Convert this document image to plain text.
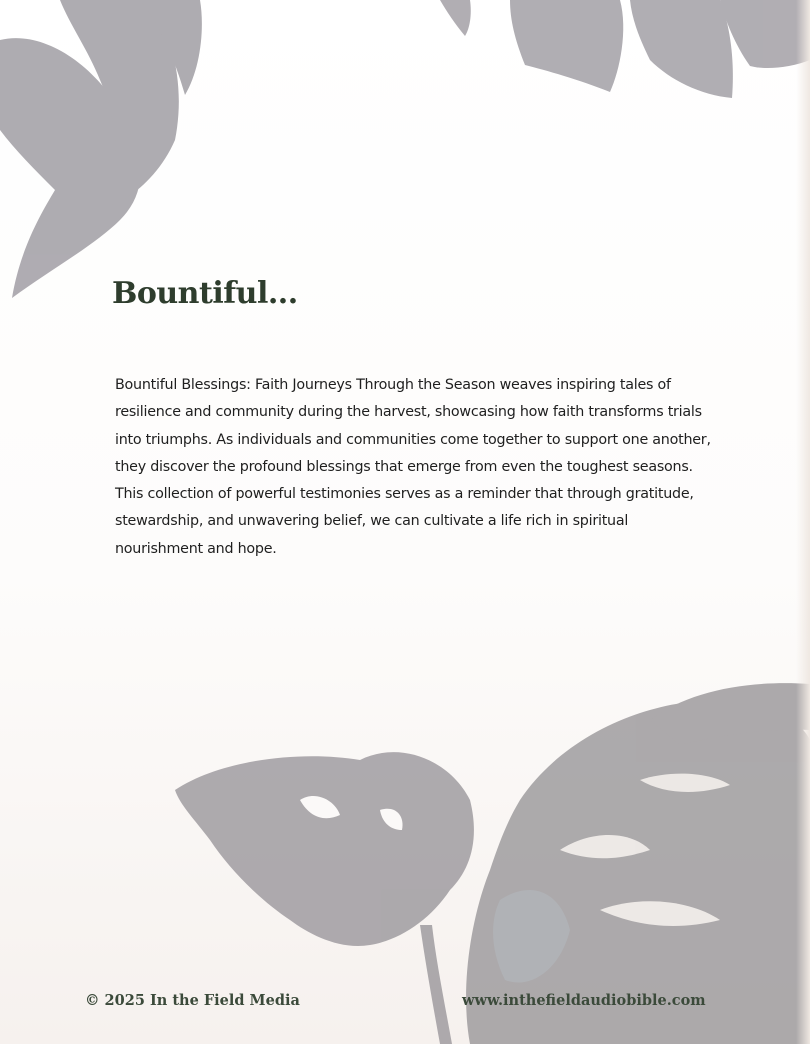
Bountiful...

Bountiful Blessings: Faith Journeys Through the Season weaves inspiring tales of resilience and community during the harvest, showcasing how faith transforms trials into triumphs. As individuals and communities come together to support one another, they discover the profound blessings that emerge from even the toughest seasons. This collection of powerful testimonies serves as a reminder that through gratitude, stewardship, and unwavering belief, we can cultivate a life rich in spiritual nourishment and hope.

© 2025 In the Field Media	www.inthefieldaudiobible.com
